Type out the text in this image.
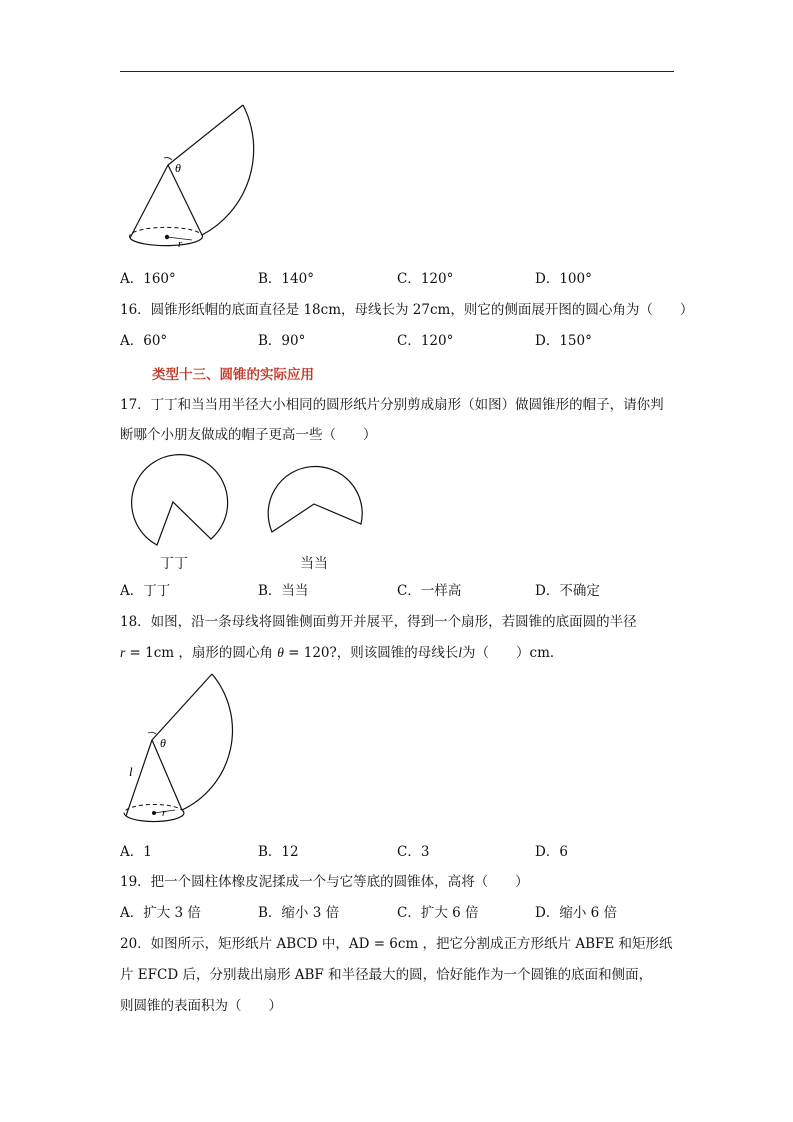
θ
r
A．160°	B．140°	C．120°	D．100°
16．圆锥形纸帽的底面直径是 18cm，母线长为 27cm，则它的侧面展开图的圆心角为（　　）
A．60°	B．90°	C．120°	D．150°
类型十三、圆锥的实际应用
17．丁丁和当当用半径大小相同的圆形纸片分别剪成扇形（如图）做圆锥形的帽子，请你判
断哪个小朋友做成的帽子更高一些（　　）
丁丁	当当
A．丁丁	B．当当	C．一样高	D．不确定
18．如图，沿一条母线将圆锥侧面剪开并展平，得到一个扇形，若圆锥的底面圆的半径
r = 1cm ，扇形的圆心角 θ = 120?，则该圆锥的母线长l为（　　）cm．
θ
l
r
A．1	B．12	C．3	D．6
19．把一个圆柱体橡皮泥揉成一个与它等底的圆锥体，高将（　　）
A．扩大 3 倍	B．缩小 3 倍	C．扩大 6 倍	D．缩小 6 倍
20．如图所示，矩形纸片 ABCD 中，AD = 6cm ，把它分割成正方形纸片 ABFE 和矩形纸
片 EFCD 后，分别裁出扇形 ABF 和半径最大的圆，恰好能作为一个圆锥的底面和侧面，
则圆锥的表面积为（　　）
